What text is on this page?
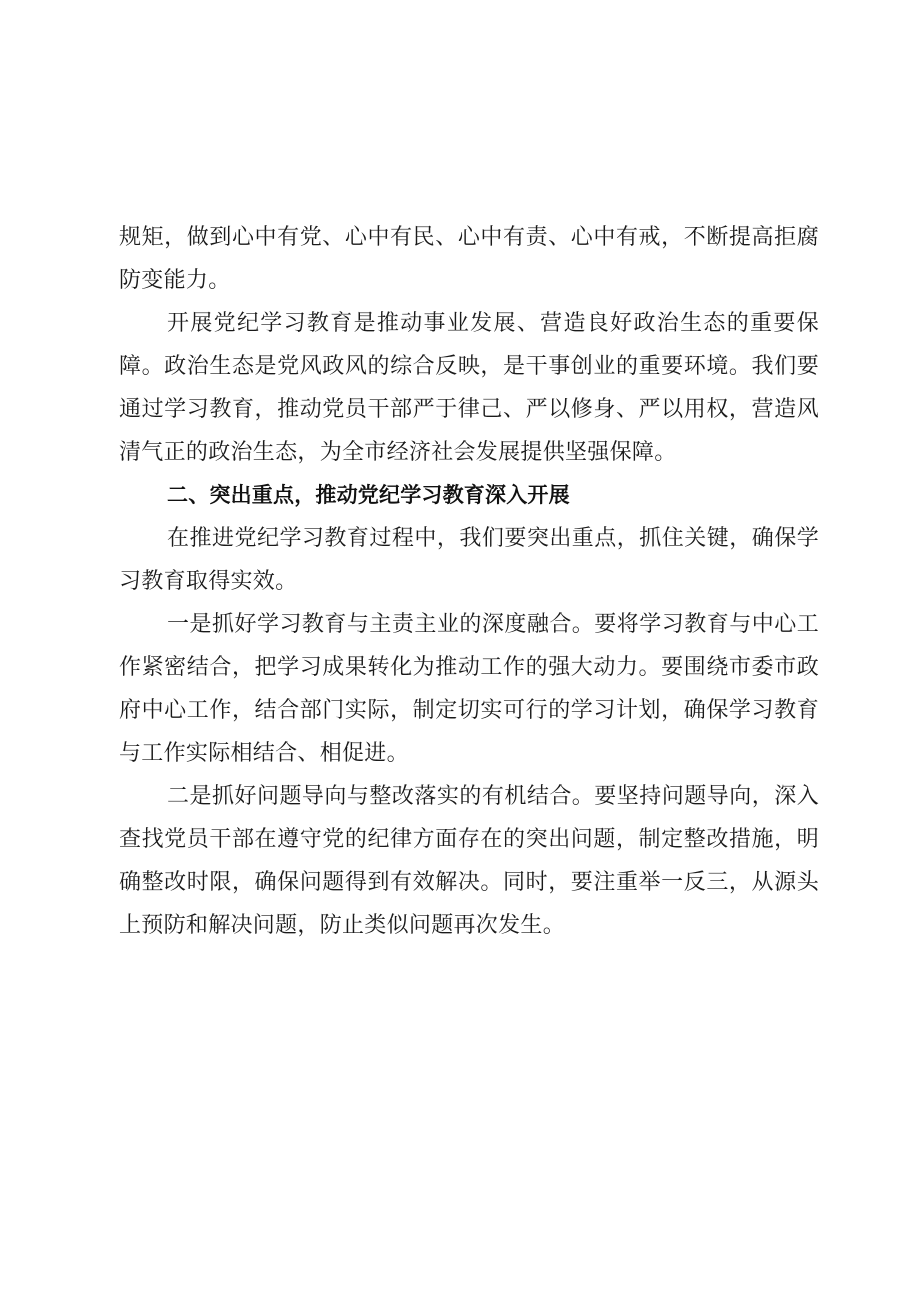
规矩，做到心中有党、心中有民、心中有责、心中有戒，不断提高拒腐防变能力。

开展党纪学习教育是推动事业发展、营造良好政治生态的重要保障。政治生态是党风政风的综合反映，是干事创业的重要环境。我们要通过学习教育，推动党员干部严于律己、严以修身、严以用权，营造风清气正的政治生态，为全市经济社会发展提供坚强保障。

二、突出重点，推动党纪学习教育深入开展

在推进党纪学习教育过程中，我们要突出重点，抓住关键，确保学习教育取得实效。

一是抓好学习教育与主责主业的深度融合。要将学习教育与中心工作紧密结合，把学习成果转化为推动工作的强大动力。要围绕市委市政府中心工作，结合部门实际，制定切实可行的学习计划，确保学习教育与工作实际相结合、相促进。

二是抓好问题导向与整改落实的有机结合。要坚持问题导向，深入查找党员干部在遵守党的纪律方面存在的突出问题，制定整改措施，明确整改时限，确保问题得到有效解决。同时，要注重举一反三，从源头上预防和解决问题，防止类似问题再次发生。
